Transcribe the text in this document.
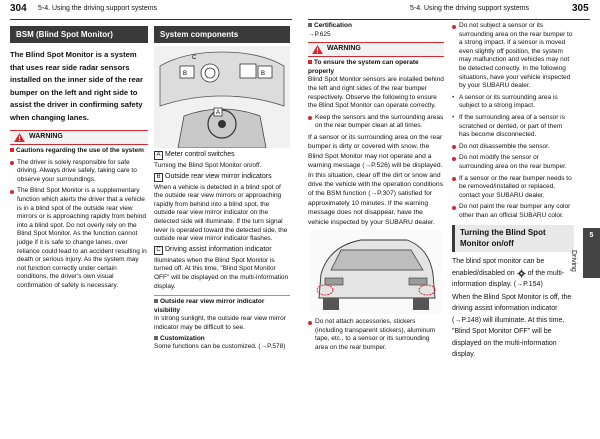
304 5-4. Using the driving support systems	5-4. Using the driving support systems	305
BSM (Blind Spot Monitor)
The Blind Spot Monitor is a system that uses rear side radar sensors installed on the inner side of the rear bumper on the left and right side to assist the driver in confirming safety when changing lanes.
WARNING
Cautions regarding the use of the system
The driver is solely responsible for safe driving. Always drive safely, taking care to observe your surroundings.
The Blind Spot Monitor is a supplementary function which alerts the driver that a vehicle is in a blind spot of the outside rear view mirrors or is approaching rapidly from behind into a blind spot. Do not overly rely on the Blind Spot Monitor. As the function cannot judge if it is safe to change lanes, over reliance could lead to an accident resulting in death or serious injury. As the system may not function correctly under certain conditions, the driver's own visual confirmation of safety is necessary.
System components
C
B	B
A
A Meter control switches

Turning the Blind Spot Monitor on/off.

B Outside rear view mirror indicators

When a vehicle is detected in a blind spot of the outside rear view mirrors or approaching rapidly from behind into a blind spot, the outside rear view mirror indicator on the detected side will illuminate. If the turn signal lever is operated toward the detected side, the outside rear view mirror indicator flashes.

C Driving assist information indicator

Illuminates when the Blind Spot Monitor is turned off. At this time, "Blind Spot Monitor OFF" will be displayed on the multi-information display.

Outside rear view mirror indicator visibility

In strong sunlight, the outside rear view mirror indicator may be difficult to see.

Customization

Some functions can be customized. (→P.578)

Certification

→P.625

WARNING
To ensure the system can operate properly

Blind Spot Monitor sensors are installed behind the left and right sides of the rear bumper respectively. Observe the following to ensure the Blind Spot Monitor can operate correctly.

Keep the sensors and the surrounding areas on the rear bumper clean at all times.

If a sensor or its surrounding area on the rear bumper is dirty or covered with snow, the Blind Spot Monitor may not operate and a warning message (→P.526) will be displayed. In this situation, clear off the dirt or snow and drive the vehicle with the operation conditions of the BSM function (→P.307) satisfied for approximately 10 minutes. If the warning message does not disappear, have the vehicle inspected by your SUBARU dealer.

Do not attach accessories, stickers (including transparent stickers), aluminum tape, etc., to a sensor or its surrounding area on the rear bumper.
Do not subject a sensor or its surrounding area on the rear bumper to a strong impact. If a sensor is moved even slightly off position, the system may malfunction and vehicles may not be detected correctly. In the following situations, have your vehicle inspected by your SUBARU dealer.
• A sensor or its surrounding area is subject to a strong impact.
• If the surrounding area of a sensor is scratched or dented, or part of them has become disconnected.
Do not disassemble the sensor.
Do not modify the sensor or surrounding area on the rear bumper.
If a sensor or the rear bumper needs to be removed/installed or replaced, contact your SUBARU dealer.
Do not paint the rear bumper any color other than an official SUBARU color.
Turning the Blind Spot Monitor on/off

The blind spot monitor can be enabled/disabled on of the multi-information display. (→P.154)

When the Blind Spot Monitor is off, the driving assist information indicator (→P.148) will illuminate. At this time, "Blind Spot Monitor OFF" will be displayed on the multi-information display.

5
Driving
